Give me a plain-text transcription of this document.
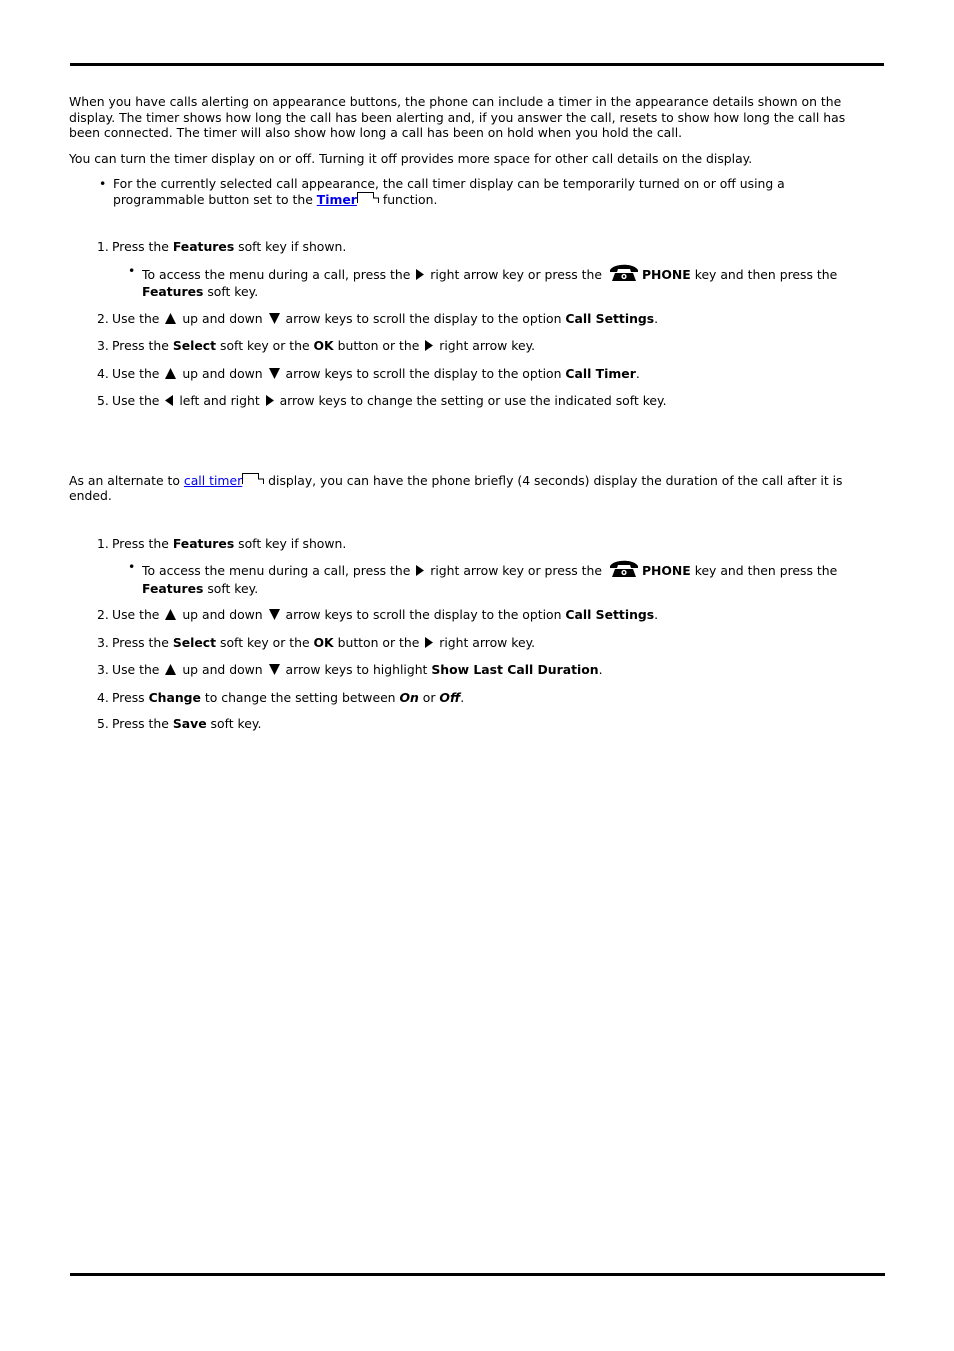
When you have calls alerting on appearance buttons, the phone can include a timer in the appearance details shown on the display. The timer shows how long the call has been alerting and, if you answer the call, resets to show how long the call has been connected. The timer will also show how long a call has been on hold when you hold the call.

You can turn the timer display on or off. Turning it off provides more space for other call details on the display.

• For the currently selected call appearance, the call timer display can be temporarily turned on or off using a programmable button set to the Timer
function.
1. Press the Features soft key if shown.
• To access the menu during a call, press the  right arrow key or press the	PHONE key and then press the Features soft key.
2. Use the  up and down  arrow keys to scroll the display to the option Call Settings.
3. Press the Select soft key or the OK button or the  right arrow key.
4. Use the  up and down  arrow keys to scroll the display to the option Call Timer.
5. Use the  left and right  arrow keys to change the setting or use the indicated soft key.

As an alternate to call timer
display, you can have the phone briefly (4 seconds) display the duration of the call after it is ended.

1. Press the Features soft key if shown.
• To access the menu during a call, press the  right arrow key or press the	PHONE key and then press the Features soft key.
2. Use the  up and down  arrow keys to scroll the display to the option Call Settings.
3. Press the Select soft key or the OK button or the  right arrow key.
3. Use the  up and down  arrow keys to highlight Show Last Call Duration.
4. Press Change to change the setting between On or Off.
5. Press the Save soft key.
